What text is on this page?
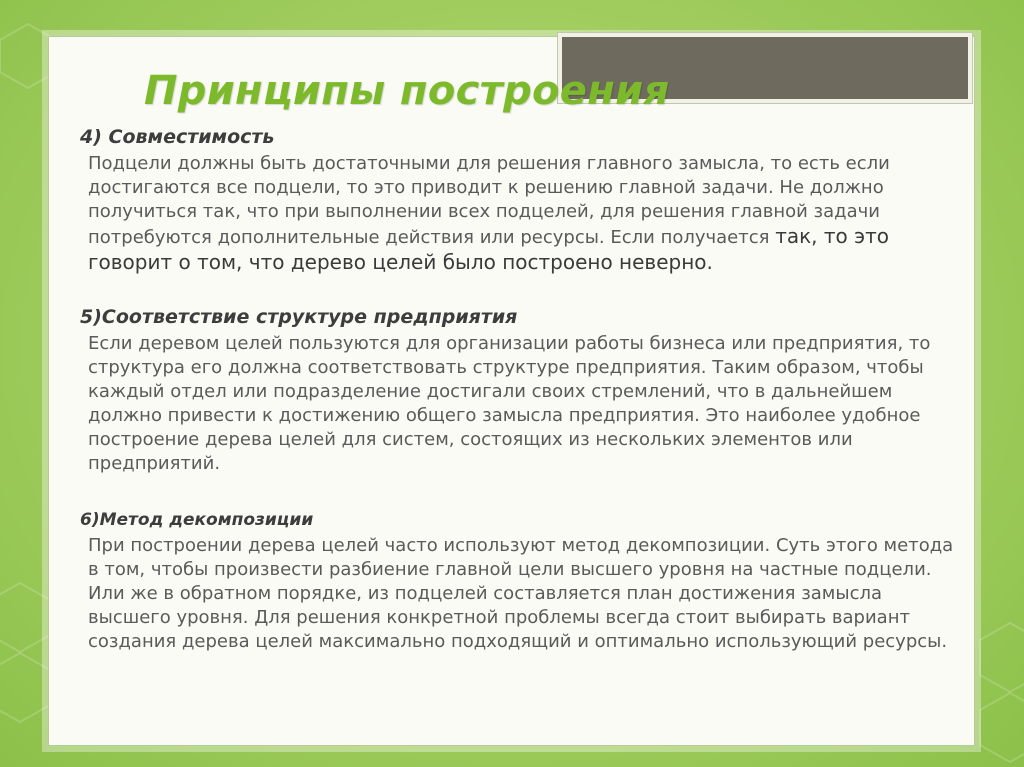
Принципы построения
4) Совместимость

Подцели должны быть достаточными для решения главного замысла, то есть если достигаются все подцели, то это приводит к решению главной задачи. Не должно получиться так, что при выполнении всех подцелей, для решения главной задачи потребуются дополнительные действия или ресурсы. Если получается так, то это говорит о том, что дерево целей было построено неверно.

5)Соответствие структуре предприятия

Если деревом целей пользуются для организации работы бизнеса или предприятия, то структура его должна соответствовать структуре предприятия. Таким образом, чтобы каждый отдел или подразделение достигали своих стремлений, что в дальнейшем должно привести к достижению общего замысла предприятия. Это наиболее удобное построение дерева целей для систем, состоящих из нескольких элементов или предприятий.

6)Метод декомпозиции

При построении дерева целей часто используют метод декомпозиции. Суть этого метода в том, чтобы произвести разбиение главной цели высшего уровня на частные подцели. Или же в обратном порядке, из подцелей составляется план достижения замысла высшего уровня. Для решения конкретной проблемы всегда стоит выбирать вариант создания дерева целей максимально подходящий и оптимально использующий ресурсы.
